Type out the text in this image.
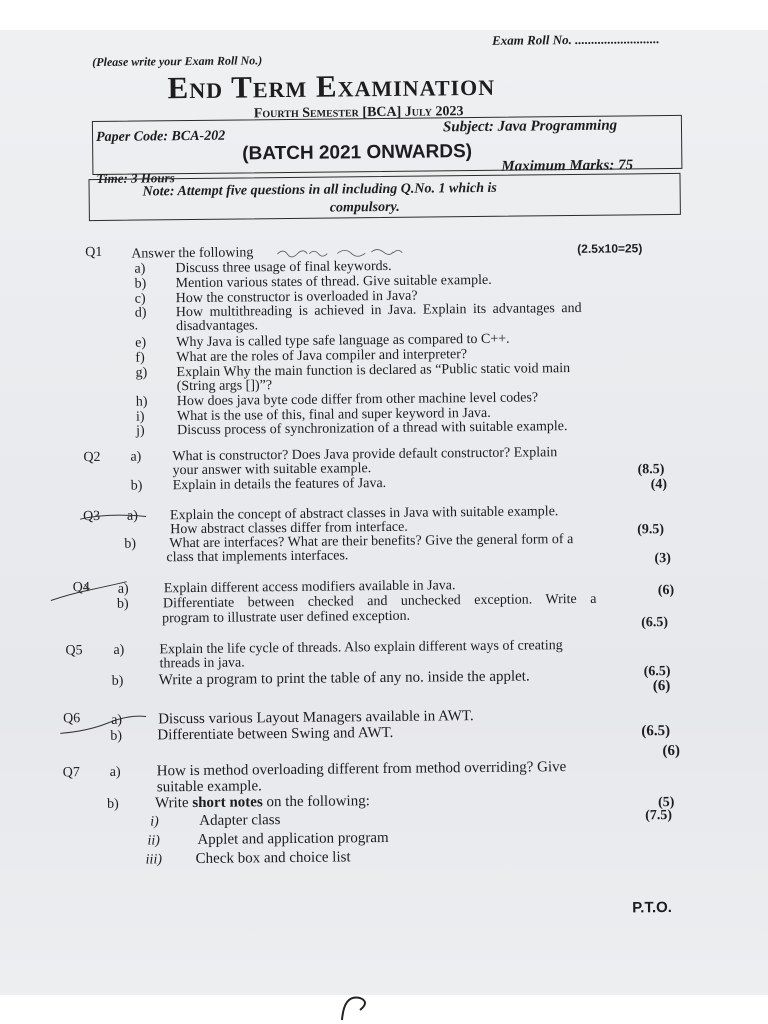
(Please write your Exam Roll No.)
Exam Roll No. ..........................
End Term Examination
Fourth Semester [BCA] July 2023
Paper Code: BCA-202
Subject: Java Programming
(BATCH 2021 ONWARDS)
Time: 3 Hours
Maximum Marks: 75
Note: Attempt five questions in all including Q.No. 1 which is
compulsory.
Q1 Answer the following	(2.5x10=25)
a) Discuss three usage of final keywords.
b) Mention various states of thread. Give suitable example.
c) How the constructor is overloaded in Java?
d) How multithreading is achieved in Java. Explain its advantages and
disadvantages.
e) Why Java is called type safe language as compared to C++.
f) What are the roles of Java compiler and interpreter?
g) Explain Why the main function is declared as “Public static void main
(String args [])”?
h) How does java byte code differ from other machine level codes?
i) What is the use of this, final and super keyword in Java.
j) Discuss process of synchronization of a thread with suitable example.
Q2 a) What is constructor? Does Java provide default constructor? Explain
your answer with suitable example.	(8.5)
b) Explain in details the features of Java.	(4)
Q3 a) Explain the concept of abstract classes in Java with suitable example.
How abstract classes differ from interface.	(9.5)
b) What are interfaces? What are their benefits? Give the general form of a
class that implements interfaces.	(3)
Q4 a) Explain different access modifiers available in Java.	(6)
b) Differentiate between checked and unchecked exception. Write a
program to illustrate user defined exception.	(6.5)
Q5 a) Explain the life cycle of threads. Also explain different ways of creating
threads in java.
(6.5)
b) Write a program to print the table of any no. inside the applet.	(6)
Q6 a) Discuss various Layout Managers available in AWT.
(6.5)
b) Differentiate between Swing and AWT.
(6)
Q7 a) How is method overloading different from method overriding? Give
suitable example.
(5)
b) Write short notes on the following:
(7.5)
i)	Adapter class
ii) Applet and application program
iii) Check box and choice list
P.T.O.
